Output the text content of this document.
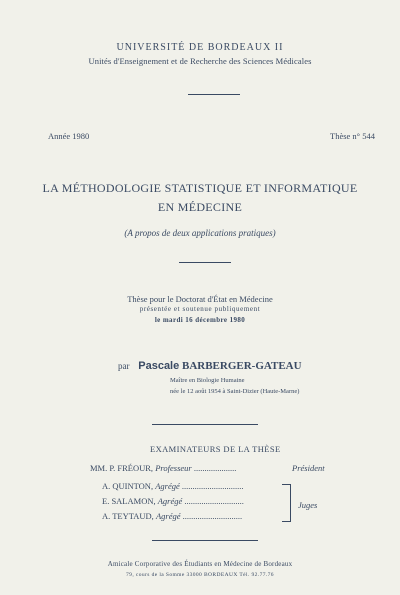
UNIVERSITÉ DE BORDEAUX II
Unités d'Enseignement et de Recherche des Sciences Médicales
Année 1980	Thèse n° 544
LA MÉTHODOLOGIE STATISTIQUE ET INFORMATIQUE
EN MÉDECINE
(A propos de deux applications pratiques)
Thèse pour le Doctorat d'État en Médecine
présentée et soutenue publiquement
le mardi 16 décembre 1980
par Pascale BARBERGER-GATEAU
Maître en Biologie Humaine
née le 12 août 1954 à Saint-Dizier (Haute-Marne)
EXAMINATEURS DE LA THÈSE
MM. P. FRÉOUR, Professeur ....................	Président
A. QUINTON, Agrégé .............................
E. SALAMON, Agrégé ............................
A. TEYTAUD, Agrégé ............................
Juges
Amicale Corporative des Étudiants en Médecine de Bordeaux
79, cours de la Somme 33000 BORDEAUX Tél. 92.77.76
